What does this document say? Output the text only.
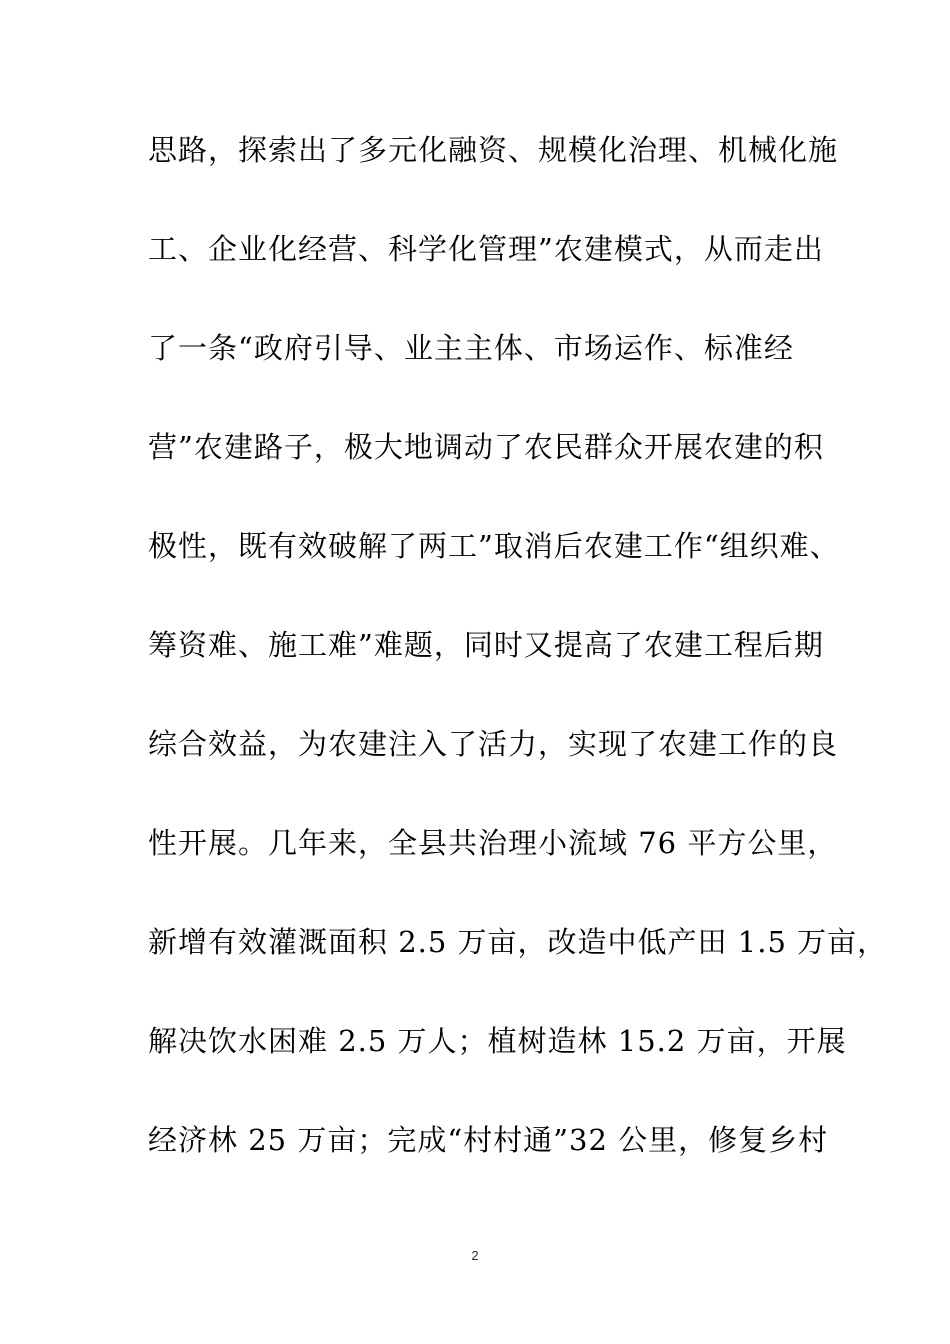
思路，探索出了多元化融资、规模化治理、机械化施
工、企业化经营、科学化管理”农建模式，从而走出
了一条“政府引导、业主主体、市场运作、标准经
营”农建路子，极大地调动了农民群众开展农建的积
极性，既有效破解了两工”取消后农建工作“组织难、
筹资难、施工难”难题，同时又提高了农建工程后期
综合效益，为农建注入了活力，实现了农建工作的良
性开展。几年来，全县共治理小流域 76 平方公里，
新增有效灌溉面积 2.5 万亩，改造中低产田 1.5 万亩，
解决饮水困难 2.5 万人；植树造林 15.2 万亩，开展
经济林 25 万亩；完成“村村通”32 公里，修复乡村
2
